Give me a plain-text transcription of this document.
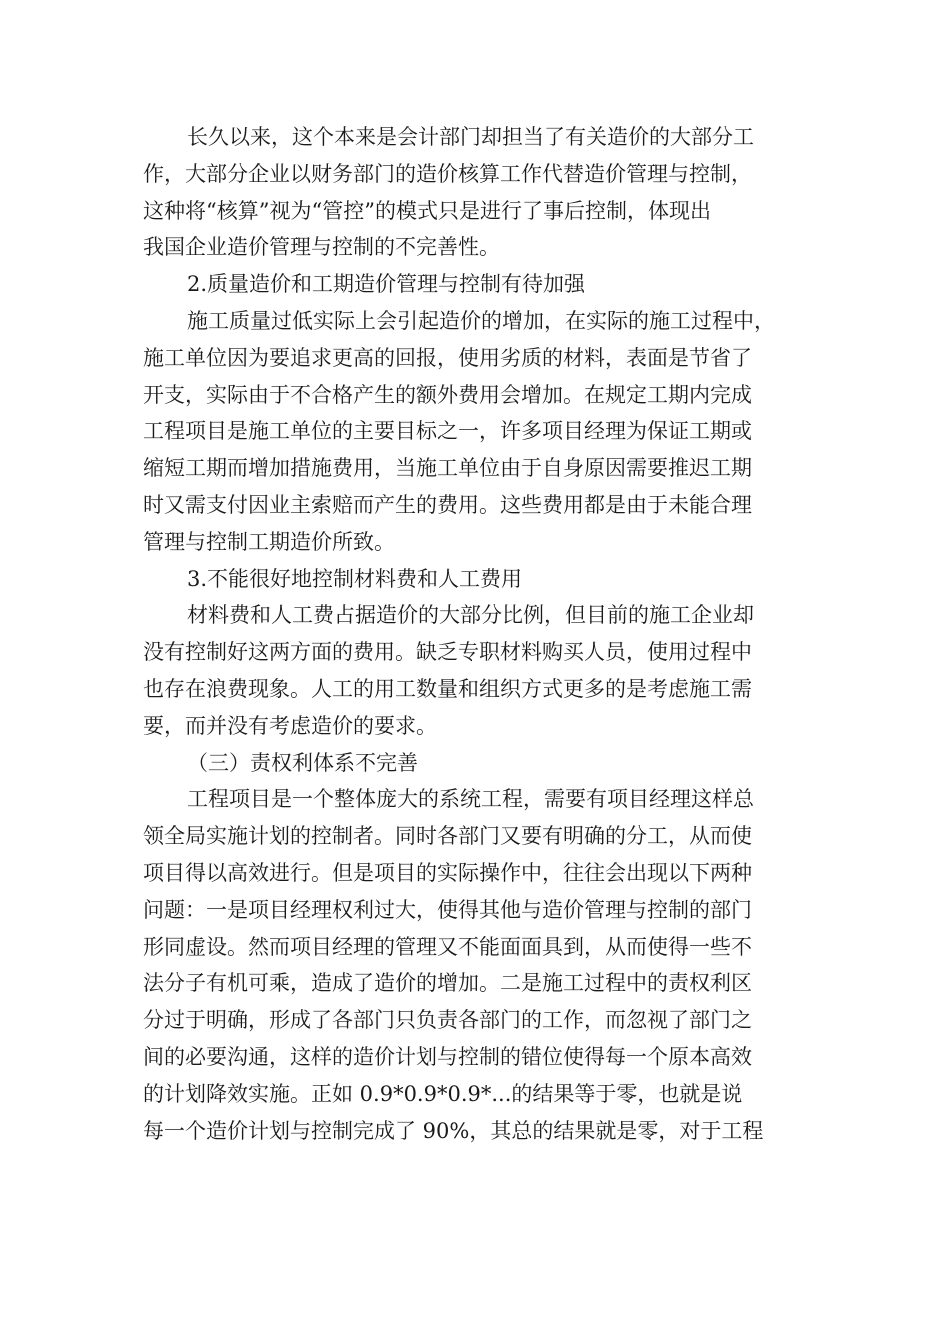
长久以来，这个本来是会计部门却担当了有关造价的大部分工
作，大部分企业以财务部门的造价核算工作代替造价管理与控制，
这种将“核算”视为“管控”的模式只是进行了事后控制，体现出
我国企业造价管理与控制的不完善性。
2.质量造价和工期造价管理与控制有待加强
施工质量过低实际上会引起造价的增加，在实际的施工过程中，
施工单位因为要追求更高的回报，使用劣质的材料，表面是节省了
开支，实际由于不合格产生的额外费用会增加。在规定工期内完成
工程项目是施工单位的主要目标之一，许多项目经理为保证工期或
缩短工期而增加措施费用，当施工单位由于自身原因需要推迟工期
时又需支付因业主索赔而产生的费用。这些费用都是由于未能合理
管理与控制工期造价所致。
3.不能很好地控制材料费和人工费用
材料费和人工费占据造价的大部分比例，但目前的施工企业却
没有控制好这两方面的费用。缺乏专职材料购买人员，使用过程中
也存在浪费现象。人工的用工数量和组织方式更多的是考虑施工需
要，而并没有考虑造价的要求。
（三）责权利体系不完善
工程项目是一个整体庞大的系统工程，需要有项目经理这样总
领全局实施计划的控制者。同时各部门又要有明确的分工，从而使
项目得以高效进行。但是项目的实际操作中，往往会出现以下两种
问题：一是项目经理权利过大，使得其他与造价管理与控制的部门
形同虚设。然而项目经理的管理又不能面面具到，从而使得一些不
法分子有机可乘，造成了造价的增加。二是施工过程中的责权利区
分过于明确，形成了各部门只负责各部门的工作，而忽视了部门之
间的必要沟通，这样的造价计划与控制的错位使得每一个原本高效
的计划降效实施。正如 0.9*0.9*0.9*...的结果等于零，也就是说
每一个造价计划与控制完成了 90%，其总的结果就是零，对于工程
